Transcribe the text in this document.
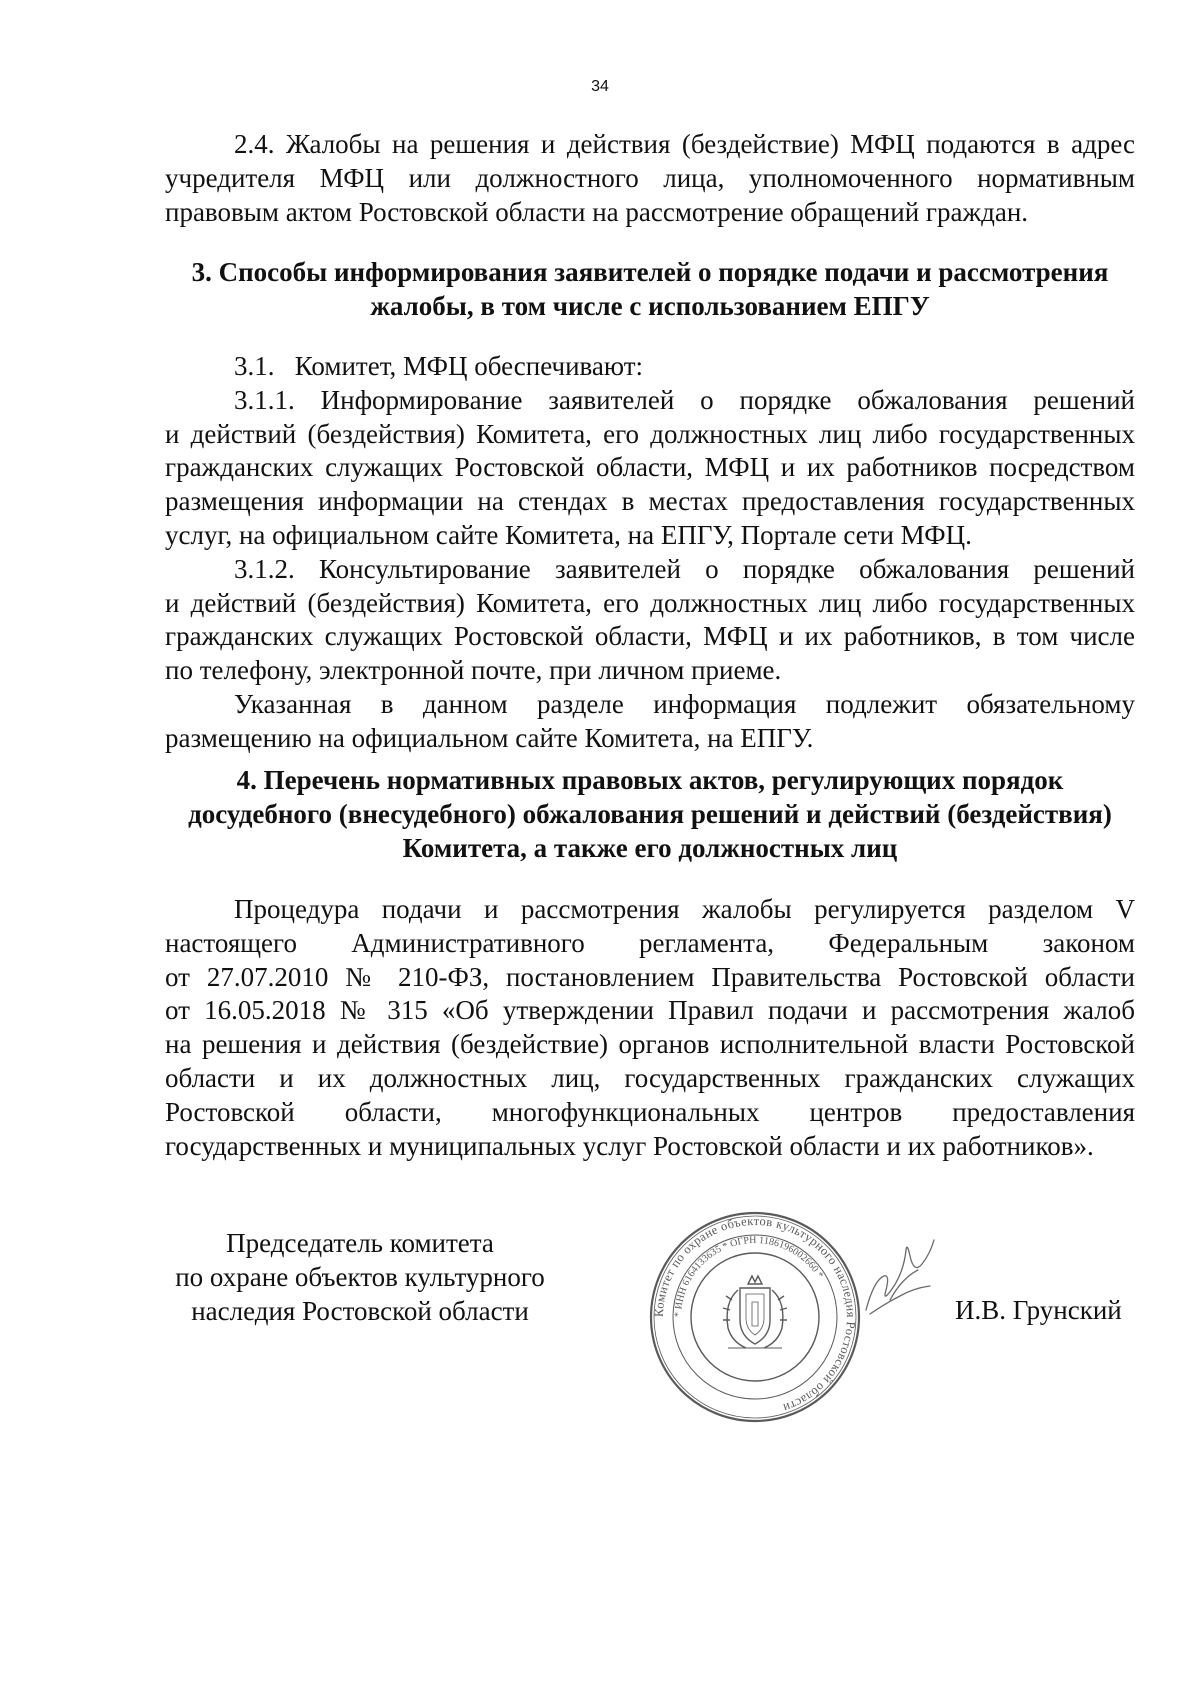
34
2.4. Жалобы на решения и действия (бездействие) МФЦ подаются в адрес
учредителя МФЦ или должностного лица, уполномоченного нормативным
правовым актом Ростовской области на рассмотрение обращений граждан.
3. Способы информирования заявителей о порядке подачи и рассмотрения
жалобы, в том числе с использованием ЕПГУ
3.1.   Комитет, МФЦ обеспечивают:
3.1.1. Информирование заявителей о порядке обжалования решений
и действий (бездействия) Комитета, его должностных лиц либо государственных
гражданских служащих Ростовской области, МФЦ и их работников посредством
размещения информации на стендах в местах предоставления государственных
услуг, на официальном сайте Комитета, на ЕПГУ, Портале сети МФЦ.
3.1.2. Консультирование заявителей о порядке обжалования решений
и действий (бездействия) Комитета, его должностных лиц либо государственных
гражданских служащих Ростовской области, МФЦ и их работников, в том числе
по телефону, электронной почте, при личном приеме.
Указанная в данном разделе информация подлежит обязательному
размещению на официальном сайте Комитета, на ЕПГУ.
4. Перечень нормативных правовых актов, регулирующих порядок
досудебного (внесудебного) обжалования решений и действий (бездействия)
Комитета, а также его должностных лиц
Процедура подачи и рассмотрения жалобы регулируется разделом V
настоящего Административного регламента, Федеральным законом
от 27.07.2010 № 210-ФЗ, постановлением Правительства Ростовской области
от 16.05.2018 № 315 «Об утверждении Правил подачи и рассмотрения жалоб
на решения и действия (бездействие) органов исполнительной власти Ростовской
области и их должностных лиц, государственных гражданских служащих
Ростовской области, многофункциональных центров предоставления
государственных и муниципальных услуг Ростовской области и их работников».
Председатель комитета
по охране объектов культурного
наследия Ростовской области	И.В. Грунский
Комитет по охране объектов культурного наследия Ростовской области
* ИНН 6164133635 * ОГРН 1186196002660 *
